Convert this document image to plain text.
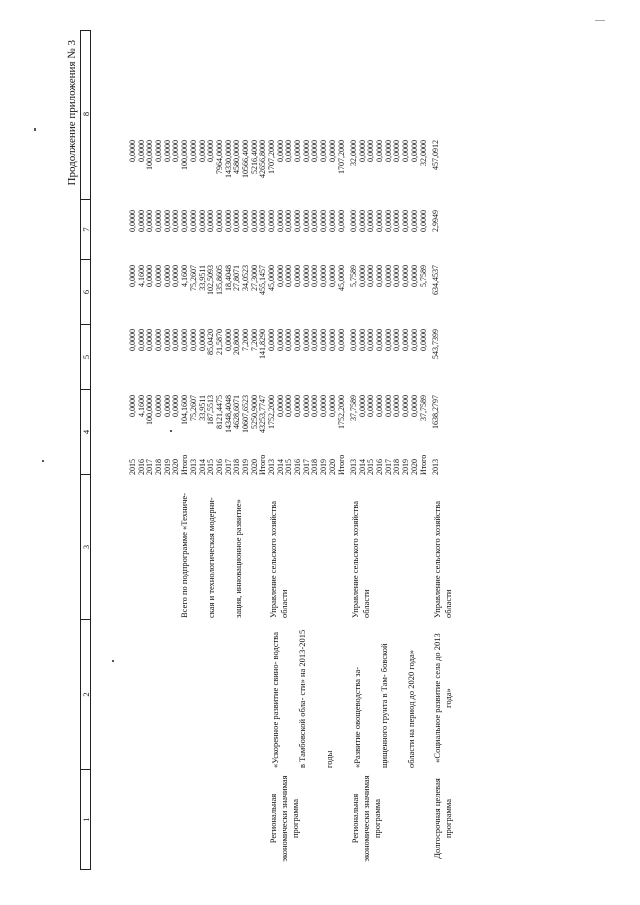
Продолжение приложения № 3
1
2
3
4
5
6
7
8
Всего по подпрограмме «Техниче- ская и технологическая модерни- зация, инновационное развитие»
2015
0,0000
0,0000
0,0000
0,0000
0,0000
2016
4,1600
0,0000
4,1600
0,0000
0,0000
2017
100,0000
0,0000
0,0000
0,0000
100,0000
2018
0,0000
0,0000
0,0000
0,0000
0,0000
2019
0,0000
0,0000
0,0000
0,0000
0,0000
2020
0,0000
0,0000
0,0000
0,0000
0,0000
Итого
104,1600
0,0000
4,1600
0,0000
100,0000
2013
75,2607
0,0000
75,2607
0,0000
0,0000
2014
33,9511
0,0000
33,9511
0,0000
0,0000
2015
187,5513
85,0420
102,5093
0,0000
0,0000
2016
8121,4475
21,5870
135,8605
0,0000
7964,0000
2017
14348,4048
0,0000
18,4048
0,0000
14330,0000
2018
4628,6071
20,8000
27,8071
0,0000
4580,0000
2019
10607,6523
7,2000
34,0523
0,0000
10566,4000
2020
5250,9000
7,2000
27,3000
0,0000
5216,4000
Итого
43253,7747
141,8290
455,1457
0,0000
42656,8000
Региональная экономически значимая программа
«Ускоренное развитие свино- водства в Тамбовской обла- сти» на 2013-2015 годы
Управление сельского хозяйства области
2013
1752,2000
0,0000
45,0000
0,0000
1707,2000
2014
0,0000
0,0000
0,0000
0,0000
0,0000
2015
0,0000
0,0000
0,0000
0,0000
0,0000
2016
0,0000
0,0000
0,0000
0,0000
0,0000
2017
0,0000
0,0000
0,0000
0,0000
0,0000
2018
0,0000
0,0000
0,0000
0,0000
0,0000
2019
0,0000
0,0000
0,0000
0,0000
0,0000
2020
0,0000
0,0000
0,0000
0,0000
0,0000
Итого
1752,2000
0,0000
45,0000
0,0000
1707,2000
Региональная экономически значимая программа
«Развитие овощеводства за- щищенного грунта в Там- бовской области на период до 2020 года»
Управление сельского хозяйства области
2013
37,7589
0,0000
5,7589
0,0000
32,0000
2014
0,0000
0,0000
0,0000
0,0000
0,0000
2015
0,0000
0,0000
0,0000
0,0000
0,0000
2016
0,0000
0,0000
0,0000
0,0000
0,0000
2017
0,0000
0,0000
0,0000
0,0000
0,0000
2018
0,0000
0,0000
0,0000
0,0000
0,0000
2019
0,0000
0,0000
0,0000
0,0000
0,0000
2020
0,0000
0,0000
0,0000
0,0000
0,0000
Итого
37,7589
0,0000
5,7589
0,0000
32,0000
Долгосрочная целевая программа
«Социальное развитие села до 2013 года»
Управление сельского хозяйства области
2013
1638,2797
543,7399
634,4537
2,9949
457,0912
